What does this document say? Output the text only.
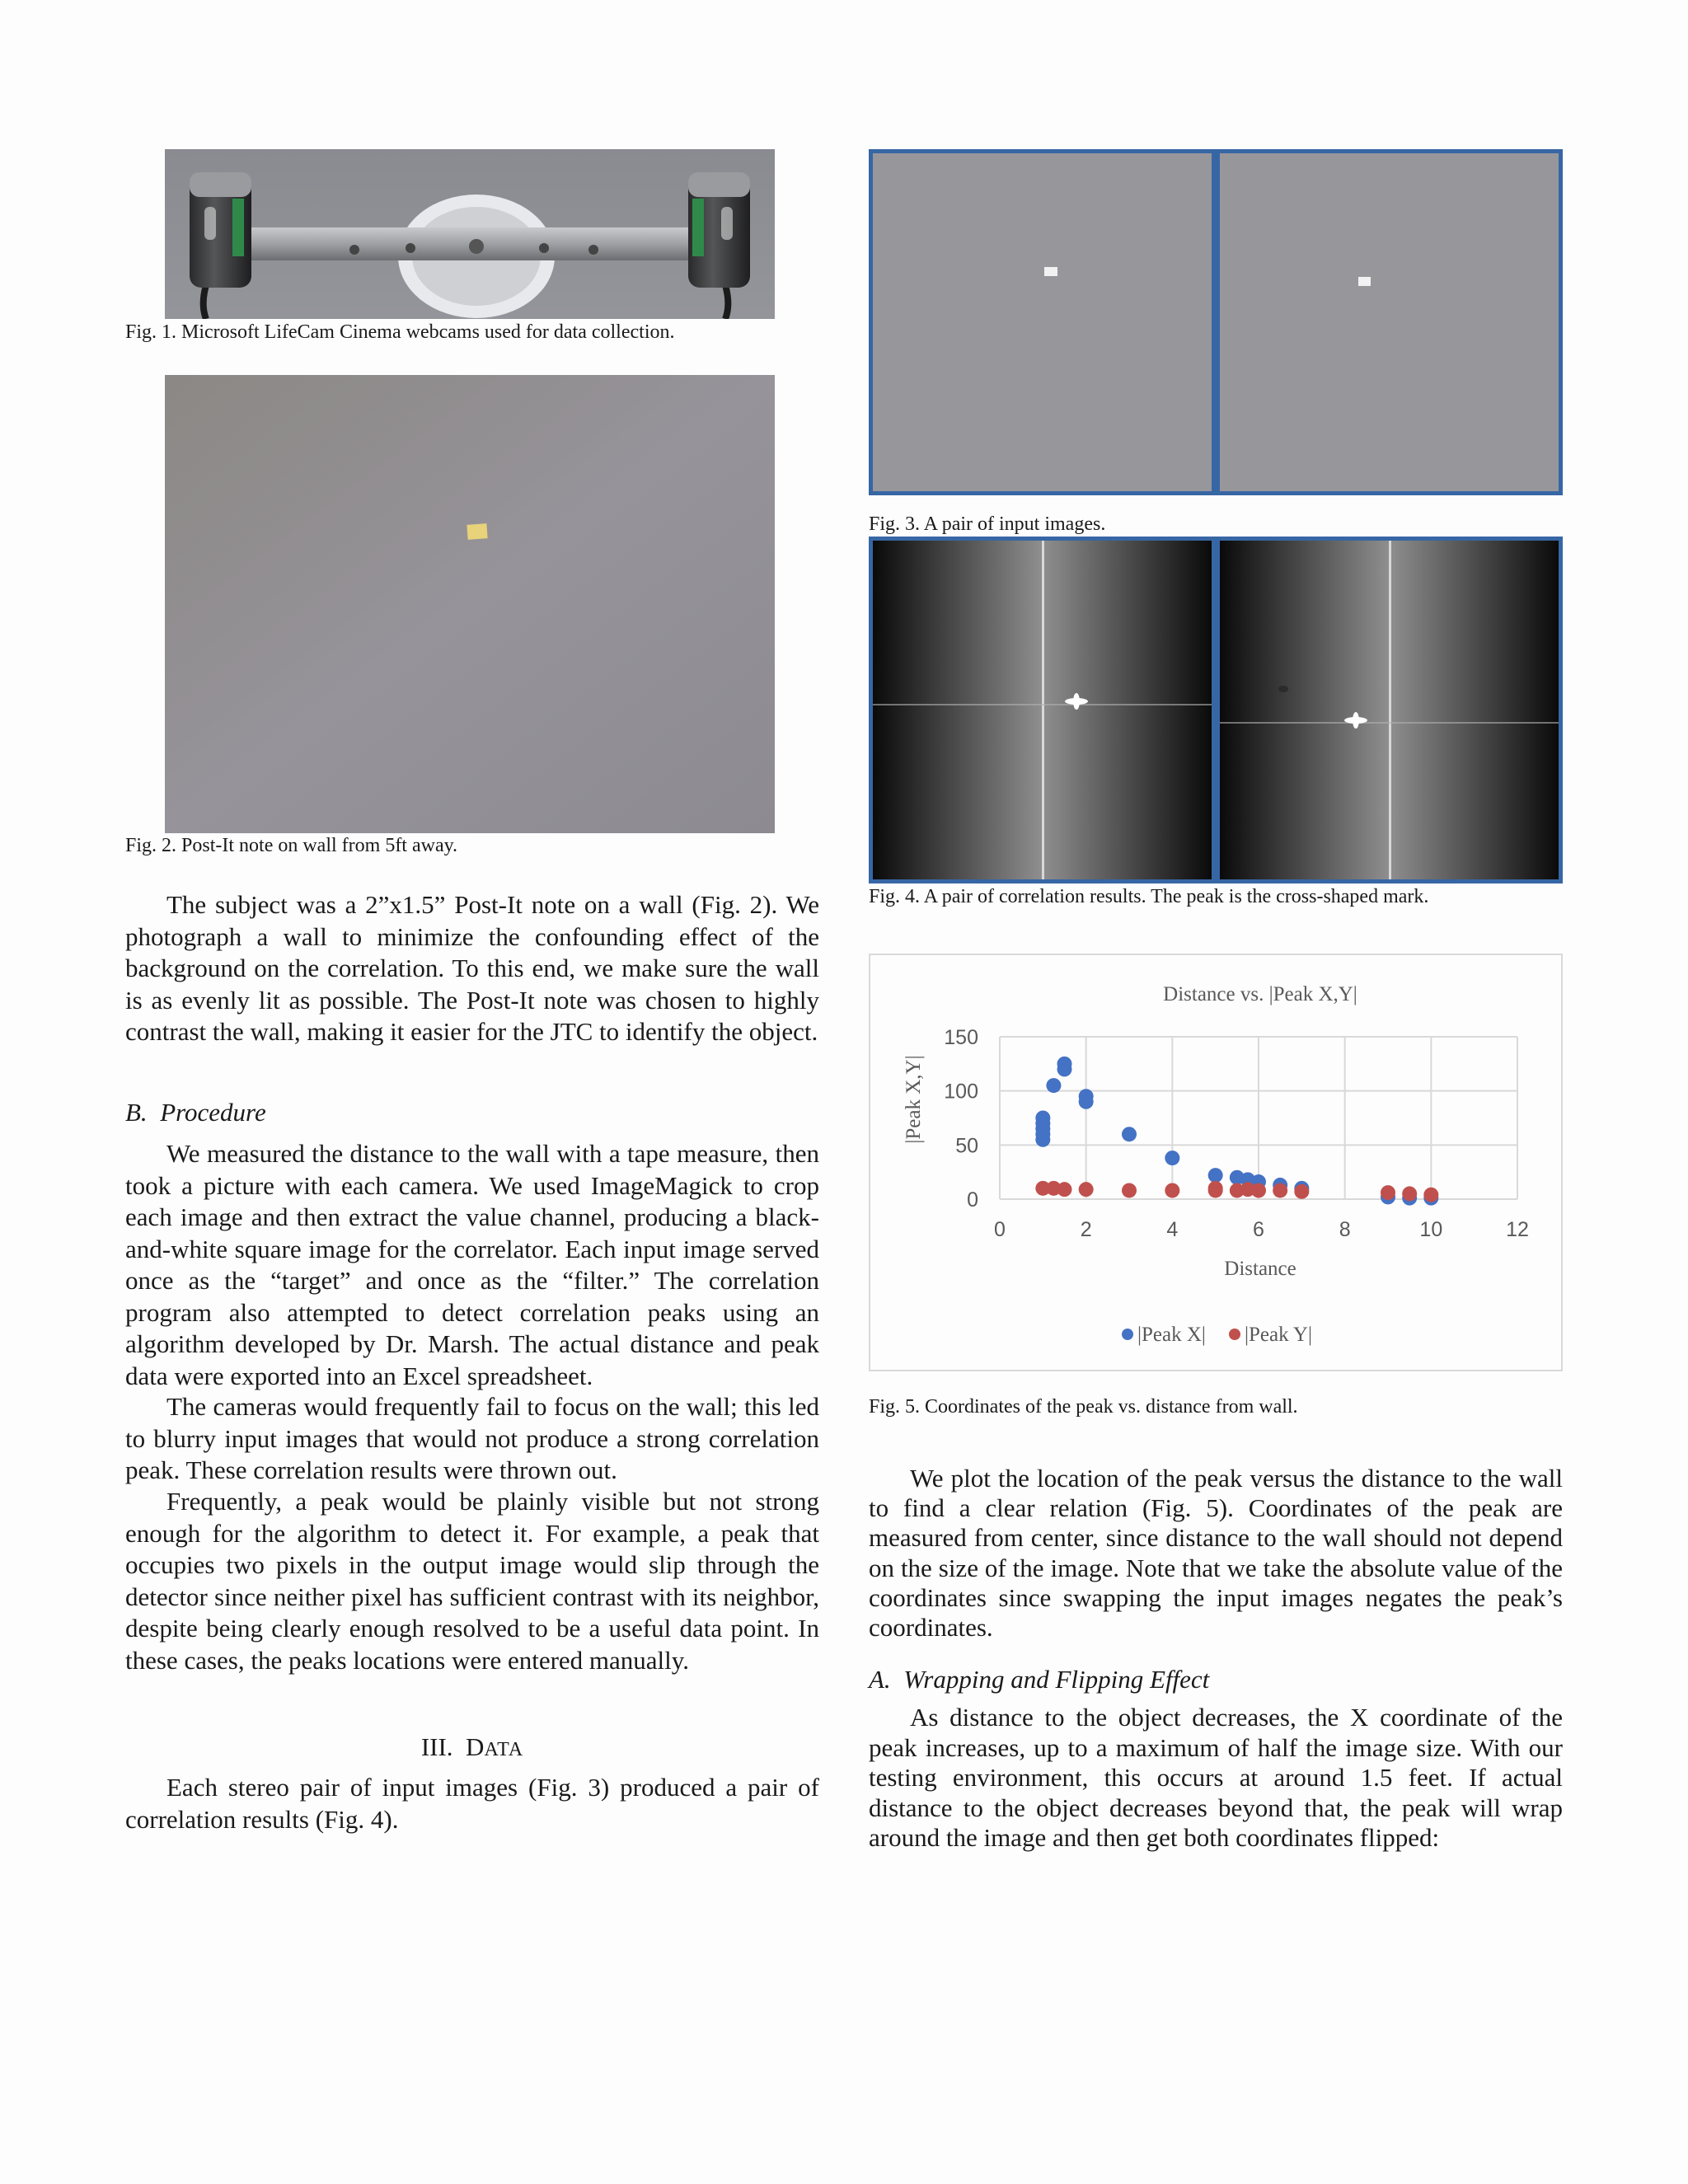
Fig. 1. Microsoft LifeCam Cinema webcams used for data collection.
Fig. 2. Post-It note on wall from 5ft away.

The subject was a 2”x1.5” Post-It note on a wall (Fig. 2). We photograph a wall to minimize the confounding effect of the background on the correlation. To this end, we make sure the wall is as evenly lit as possible. The Post-It note was chosen to highly contrast the wall, making it easier for the JTC to identify the object.

B. Procedure

We measured the distance to the wall with a tape measure, then took a picture with each camera. We used ImageMagick to crop each image and then extract the value channel, producing a black-and-white square image for the correlator. Each input image served once as the “target” and once as the “filter.” The correlation program also attempted to detect correlation peaks using an algorithm developed by Dr. Marsh. The actual distance and peak data were exported into an Excel spreadsheet.

The cameras would frequently fail to focus on the wall; this led to blurry input images that would not produce a strong correlation peak. These correlation results were thrown out.

Frequently, a peak would be plainly visible but not strong enough for the algorithm to detect it. For example, a peak that occupies two pixels in the output image would slip through the detector since neither pixel has sufficient contrast with its neighbor, despite being clearly enough resolved to be a useful data point. In these cases, the peaks locations were entered manually.

III. DATA

Each stereo pair of input images (Fig. 3) produced a pair of correlation results (Fig. 4).

Fig. 3. A pair of input images.
Fig. 4. A pair of correlation results. The peak is the cross-shaped mark.
Distance vs. |Peak X,Y|
0
50
100
150
0	2	4	6	8	10	12
|Peak X,Y|
Distance
|Peak X| |Peak Y|
Fig. 5. Coordinates of the peak vs. distance from wall.

We plot the location of the peak versus the distance to the wall to find a clear relation (Fig. 5). Coordinates of the peak are measured from center, since distance to the wall should not depend on the size of the image. Note that we take the absolute value of the coordinates since swapping the input images negates the peak’s coordinates.

A. Wrapping and Flipping Effect

As distance to the object decreases, the X coordinate of the peak increases, up to a maximum of half the image size. With our testing environment, this occurs at around 1.5 feet. If actual distance to the object decreases beyond that, the peak will wrap around the image and then get both coordinates flipped:
